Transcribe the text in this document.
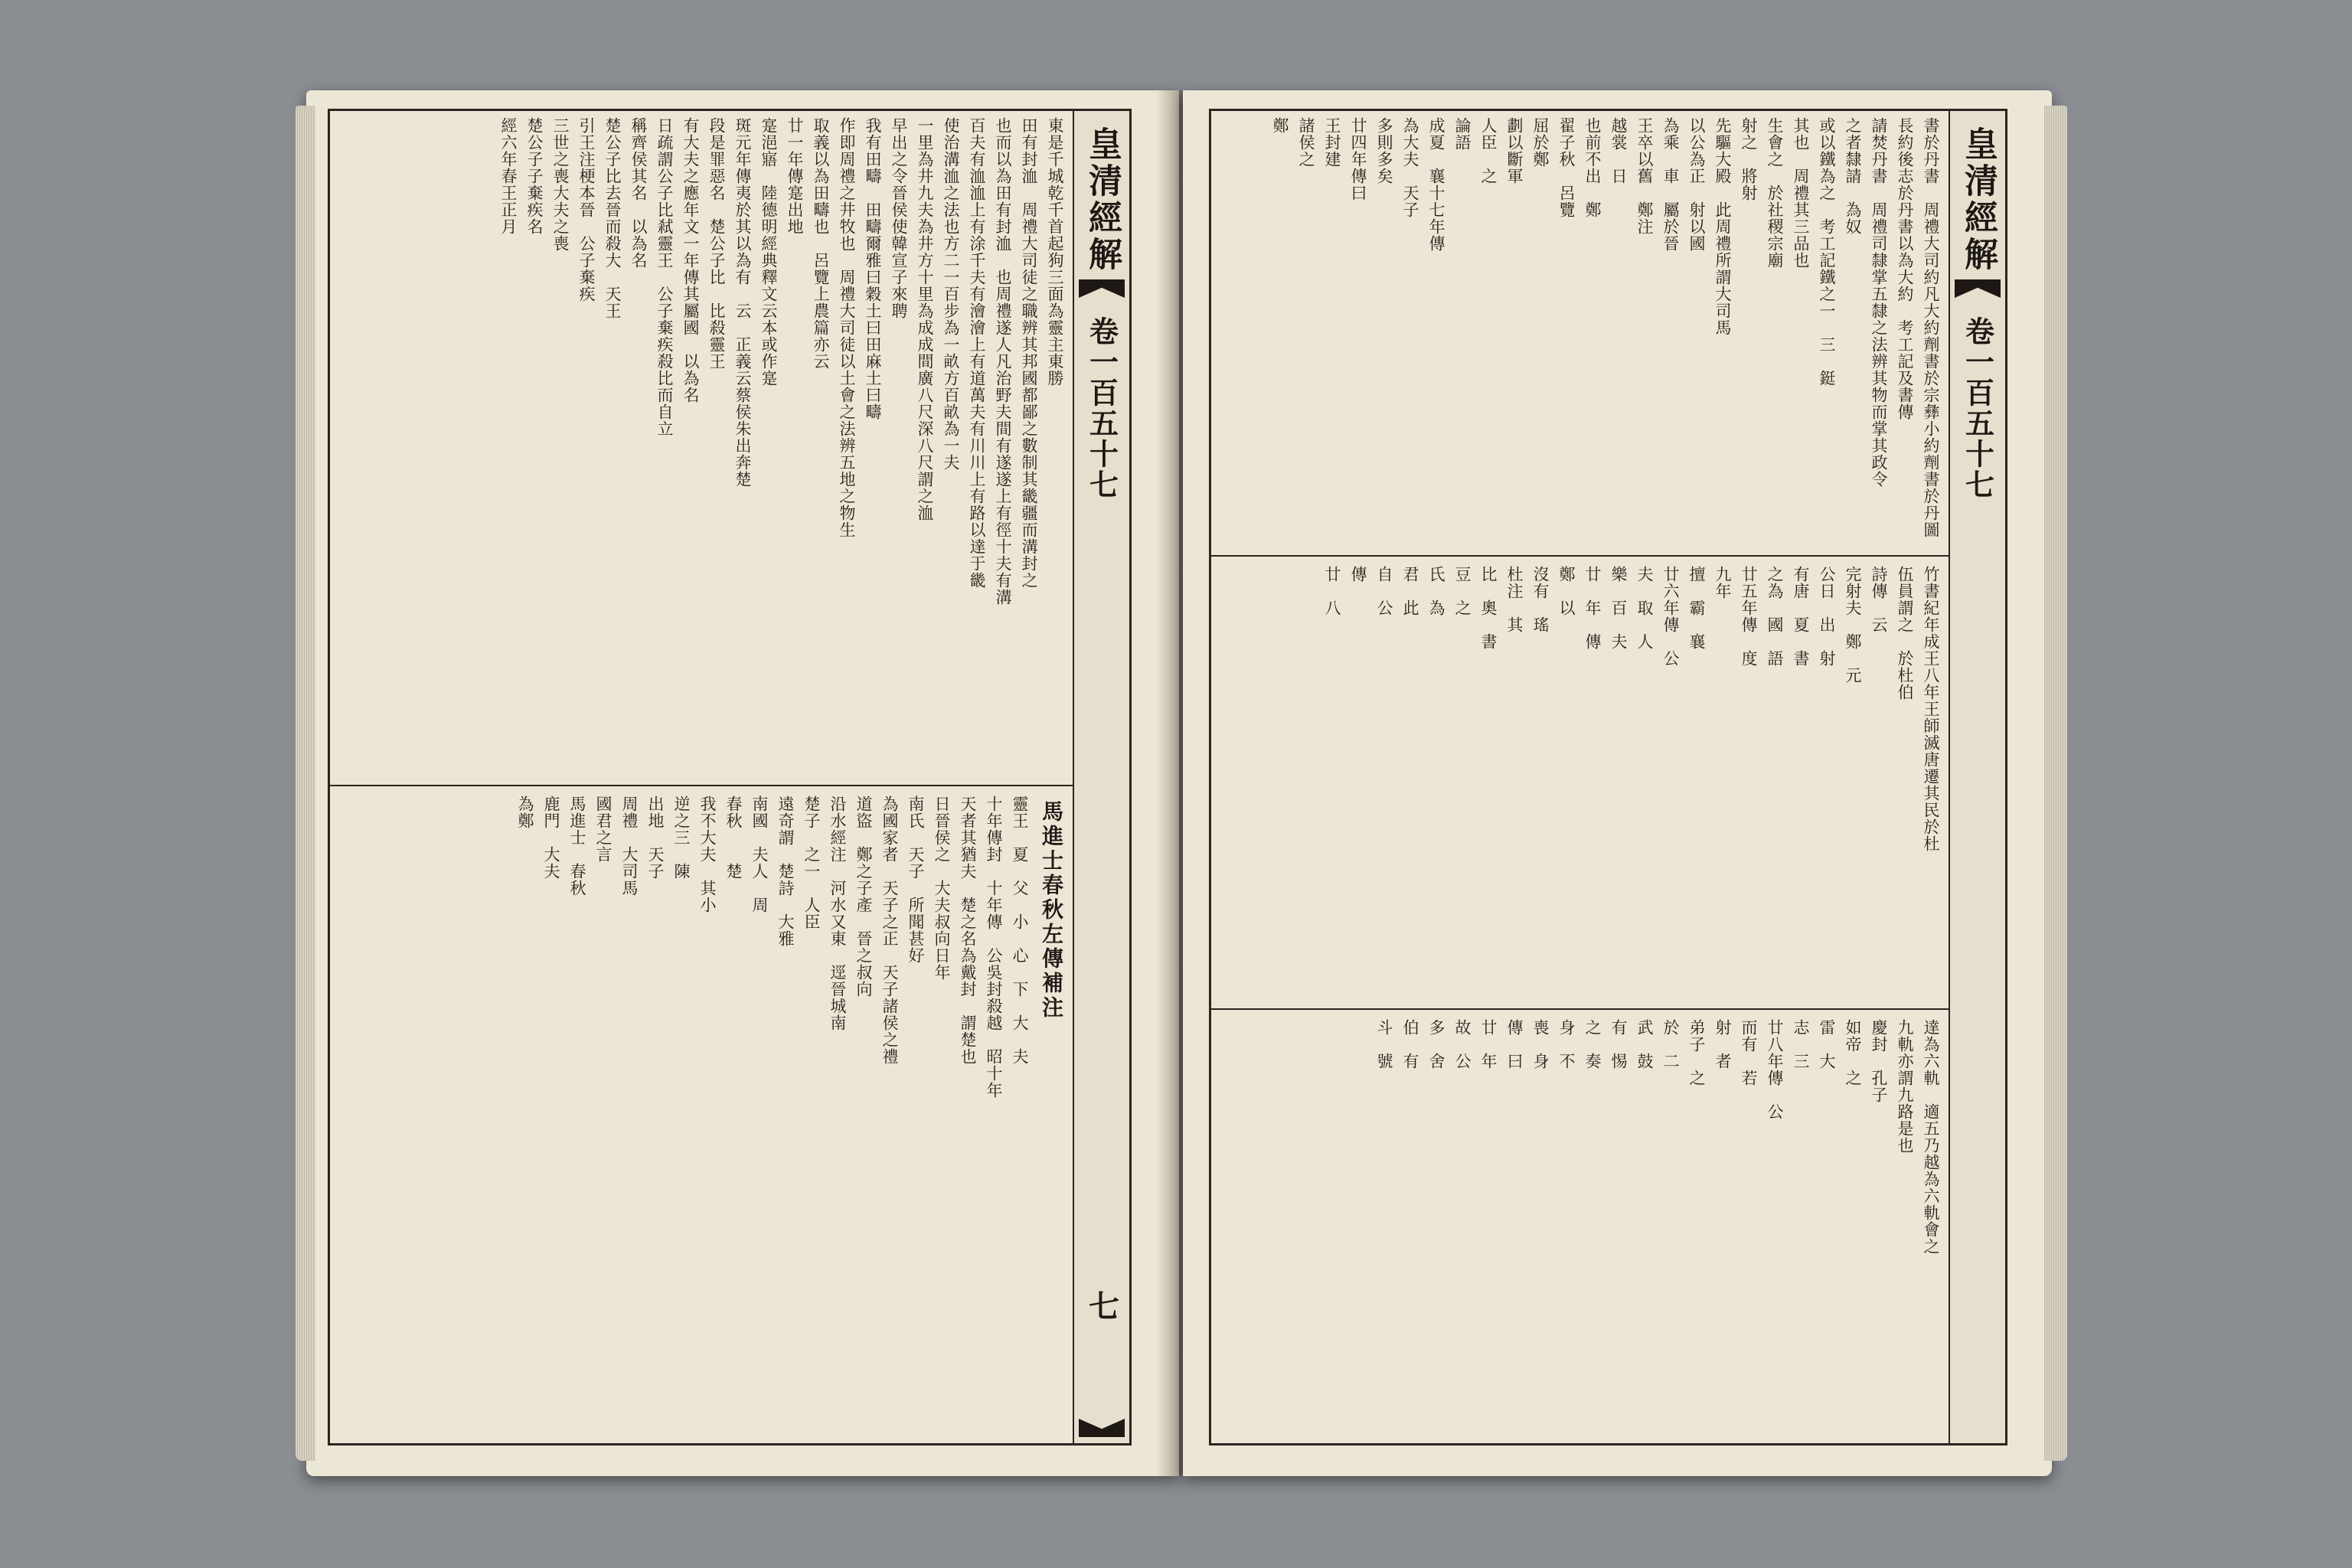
皇清經解
卷一百五十七
七
東是千城乾千首起狗三面為靈主東勝
田有封洫　周禮大司徒之職辨其邦國都鄙之數制其畿疆而溝封之
也而以為田有封洫　也周禮遂人凡治野夫間有遂遂上有徑十夫有溝
百夫有洫洫上有涂千夫有澮澮上有道萬夫有川川上有路以達于畿
使治溝洫之法也方二一百步為一畝方百畝為一夫
一里為井九夫為井方十里為成成間廣八尺深八尺謂之洫
早出之令晉侯使韓宣子來聘
我有田疇　田疇爾雅曰穀土曰田麻土曰疇
作即周禮之井牧也　周禮大司徒以土會之法辨五地之物生
取義以為田疇也　呂覽上農篇亦云
廿一年傳寔出地
寔浥寤　陸德明經典釋文云本或作寔
斑元年傳夷於其以為有　云　正義云蔡侯朱出奔楚
段是罪惡名　楚公子比　比殺靈王
有大夫之應年文一年傳其屬國　以為名
日疏謂公子比弒靈王　公子棄疾殺比而自立
稱齊侯其名　以為名
楚公子比去晉而殺大　天王
引王注梗本晉　公子棄疾
三世之喪大夫之喪
楚公子子棄疾名
經六年春王正月
靈王　夏　父　小　心　下　大　夫
十年傳封　十年傳　公吳封殺越　昭十年
天者其猶夫　楚之名為戴封　謂楚也
日晉侯之　大夫叔向日年
南氏　天子　所聞甚好
為國家者　天子之正　天子諸侯之禮
道盜　鄭之子產　晉之叔向
沿水經注　河水又東　逕晉城南
楚子　之一　人臣
遠奇謂　楚詩　大雅
南國　夫人　周
春秋　　楚
我不大夫　其小
逆之三　陳
出地　天子
周禮　大司馬
國君之言
馬進士　春秋
鹿門　大夫
為鄭	馬進士春秋左傳補注
皇清經解
卷一百五十七
書於丹書　周禮大司約凡大約劑書於宗彝小約劑書於丹圖
長約後志於丹書以為大約　考工記及書傳
請焚丹書　周禮司隸掌五隸之法辨其物而掌其政令
之者隸請　為奴
或以鐵為之　考工記鐵之一　三　鋌
其也　周禮其三品也
生會之　於社稷宗廟
射之　將射
先驅大殿　此周禮所謂大司馬
以公為正　射以國
為乘　車　屬於晉
王卒以舊　鄭注
越裳　日
也前不出　鄭
翟子秋　呂覽
屈於鄭
劃以斷軍
人臣　之
論語
成夏　襄十七年傳
為大夫　天子
多則多矣
廿四年傳曰
王封建
諸侯之
鄭
竹書紀年成王八年王師滅唐遷其民於杜
伍員謂之　於杜伯
詩傳　云
完射夫　鄭　元
公日　出　射
有唐　夏　書
之為　國　語
廿五年傳　度
九年
擅　霸　襄
廿六年傳　公
夫　取　人
樂　百　夫
廿　年　傳
鄭　以
沒有　瑤
杜注　其
比　奧　書
豆　之
氏　為
君　此
自　公
傳　
廿　八
達為六軌　適五乃越為六軌會之
九軌亦謂九路是也
慶封　孔子
如帝　之
雷　大
志　三
廿八年傳　公
而有　若
射　者
弟子　之
於　二
武　鼓
有　惕
之　奏
身　不
喪　身
傳　曰
廿　年
故　公
多　舍
伯　有
斗　號
